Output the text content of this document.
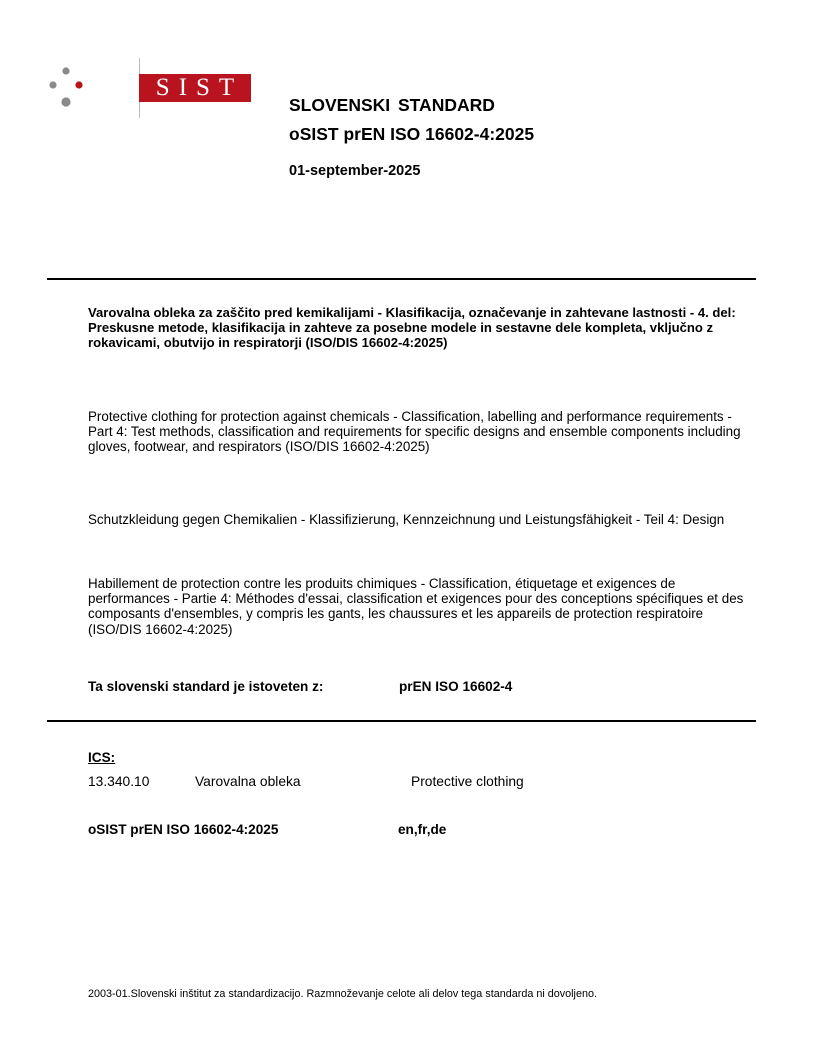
SIST
SLOVENSKI STANDARD
oSIST prEN ISO 16602-4:2025
01-september-2025

Varovalna obleka za zaščito pred kemikalijami - Klasifikacija, označevanje in zahtevane lastnosti - 4. del: Preskusne metode, klasifikacija in zahteve za posebne modele in sestavne dele kompleta, vključno z rokavicami, obutvijo in respiratorji (ISO/DIS 16602-4:2025)

Protective clothing for protection against chemicals - Classification, labelling and performance requirements - Part 4: Test methods, classification and requirements for specific designs and ensemble components including gloves, footwear, and respirators (ISO/DIS 16602-4:2025)

Schutzkleidung gegen Chemikalien - Klassifizierung, Kennzeichnung und Leistungsfähigkeit - Teil 4: Design

Habillement de protection contre les produits chimiques - Classification, étiquetage et exigences de performances - Partie 4: Méthodes d'essai, classification et exigences pour des conceptions spécifiques et des composants d'ensembles, y compris les gants, les chaussures et les appareils de protection respiratoire (ISO/DIS 16602-4:2025)

Ta slovenski standard je istoveten z:	prEN ISO 16602-4
ICS:
13.340.10	Varovalna obleka	Protective clothing
oSIST prEN ISO 16602-4:2025	en,fr,de
2003-01.Slovenski inštitut za standardizacijo. Razmnoževanje celote ali delov tega standarda ni dovoljeno.
